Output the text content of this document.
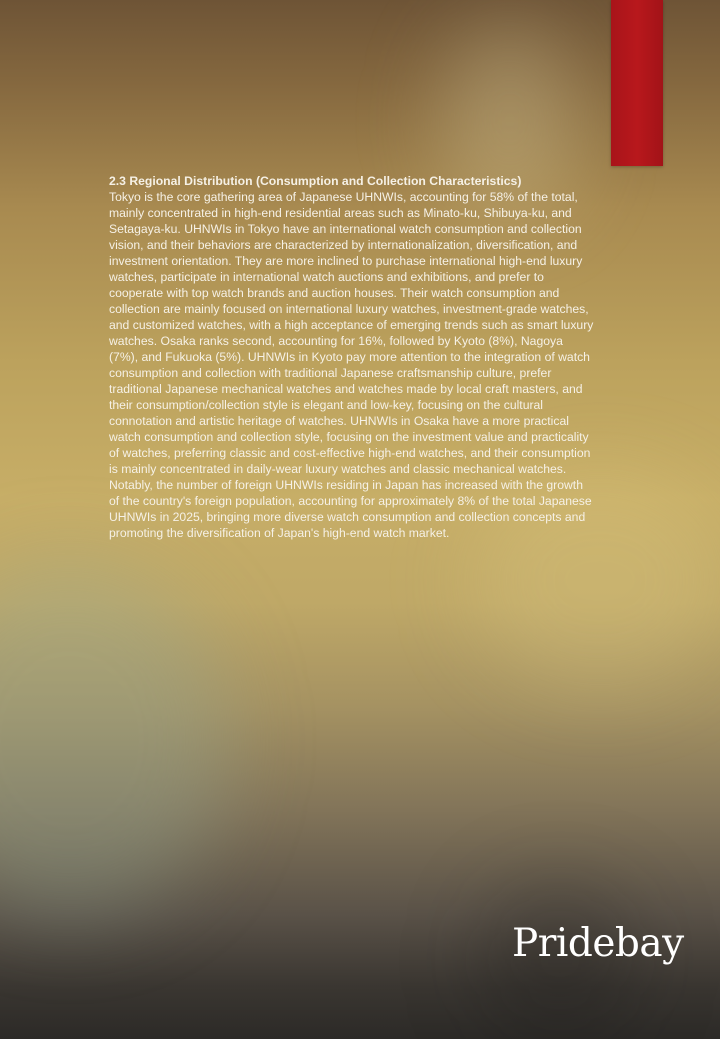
2.3 Regional Distribution (Consumption and Collection Characteristics)

Tokyo is the core gathering area of Japanese UHNWIs, accounting for 58% of the total, mainly concentrated in high-end residential areas such as Minato-ku, Shibuya-ku, and Setagaya-ku. UHNWIs in Tokyo have an international watch consumption and collection vision, and their behaviors are characterized by internationalization, diversification, and investment orientation. They are more inclined to purchase international high-end luxury watches, participate in international watch auctions and exhibitions, and prefer to cooperate with top watch brands and auction houses. Their watch consumption and collection are mainly focused on international luxury watches, investment-grade watches, and customized watches, with a high acceptance of emerging trends such as smart luxury watches. Osaka ranks second, accounting for 16%, followed by Kyoto (8%), Nagoya (7%), and Fukuoka (5%). UHNWIs in Kyoto pay more attention to the integration of watch consumption and collection with traditional Japanese craftsmanship culture, prefer traditional Japanese mechanical watches and watches made by local craft masters, and their consumption/collection style is elegant and low-key, focusing on the cultural connotation and artistic heritage of watches. UHNWIs in Osaka have a more practical watch consumption and collection style, focusing on the investment value and practicality of watches, preferring classic and cost-effective high-end watches, and their consumption is mainly concentrated in daily-wear luxury watches and classic mechanical watches. Notably, the number of foreign UHNWIs residing in Japan has increased with the growth of the country's foreign population, accounting for approximately 8% of the total Japanese UHNWIs in 2025, bringing more diverse watch consumption and collection concepts and promoting the diversification of Japan's high-end watch market.

Pridebay
